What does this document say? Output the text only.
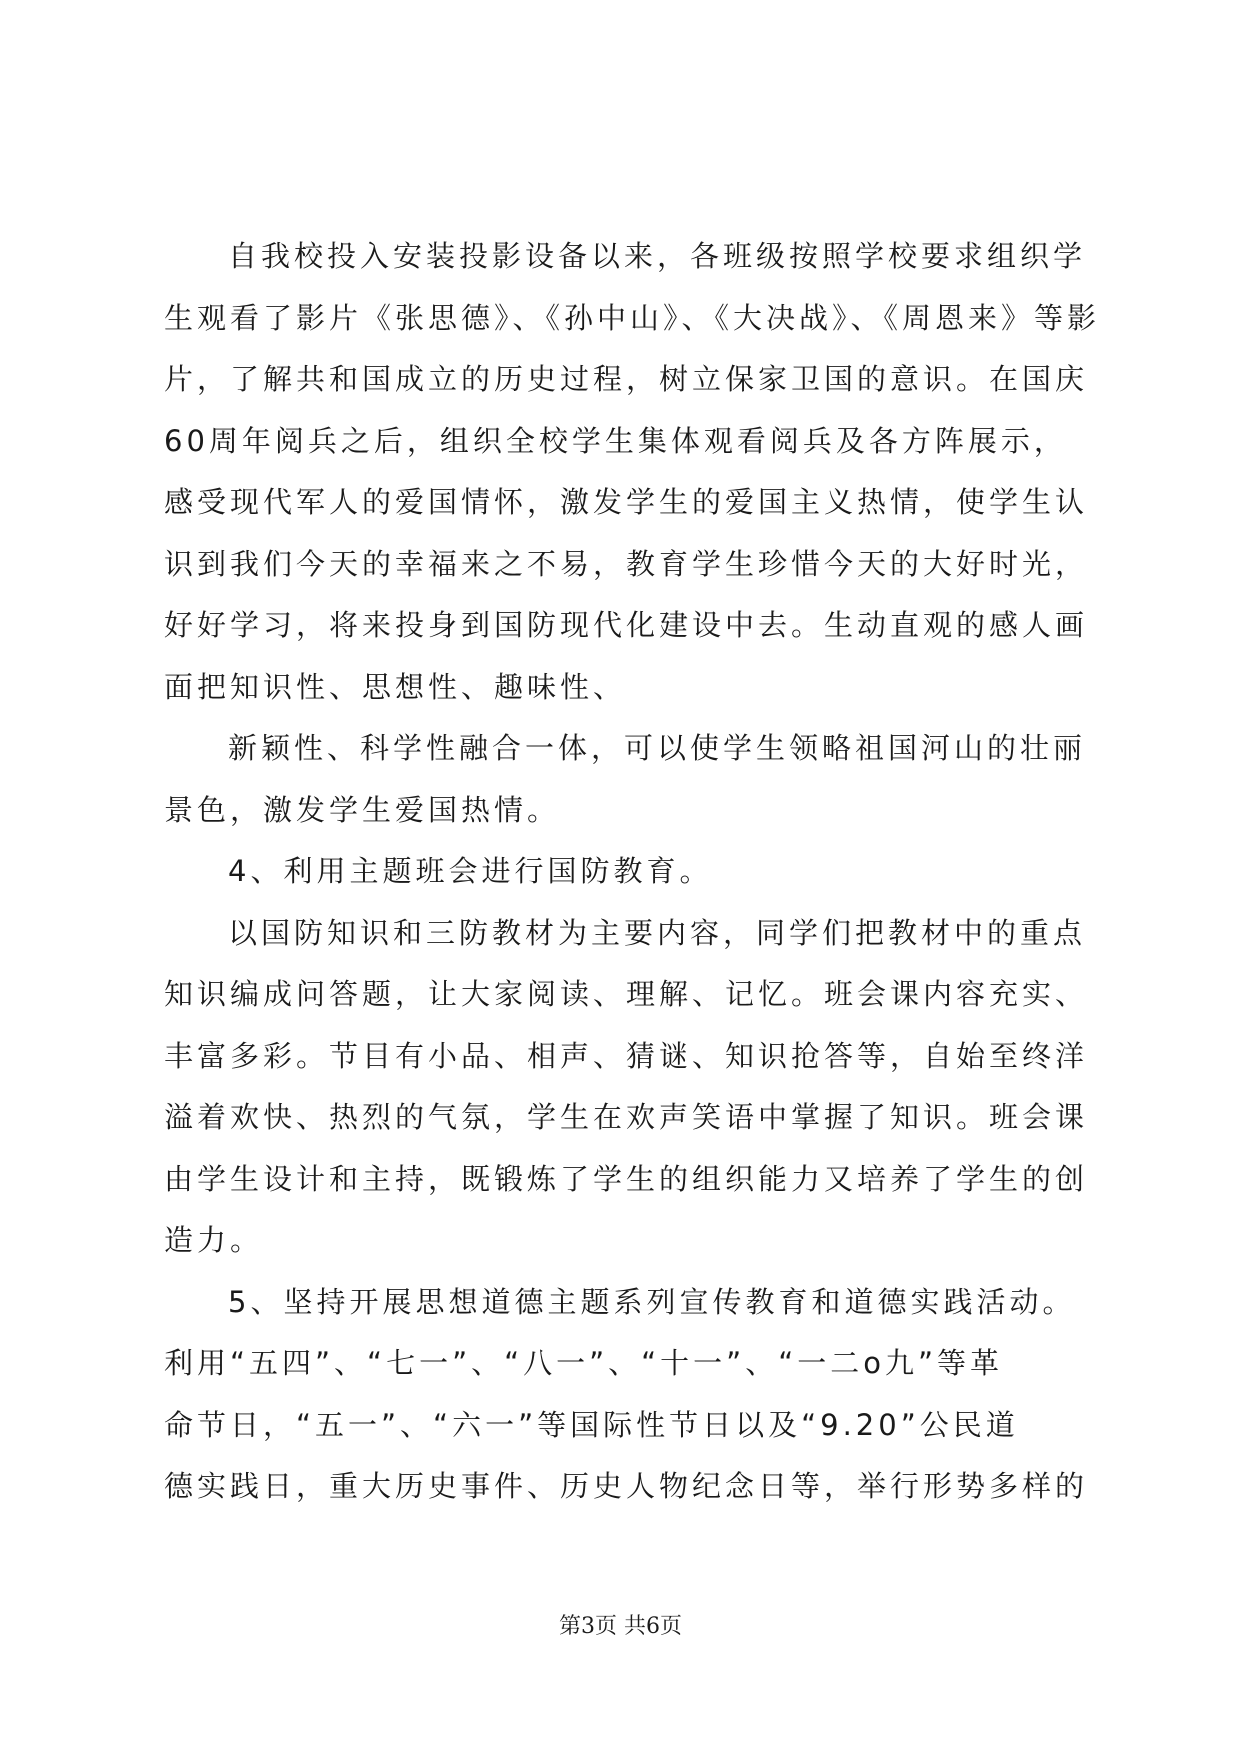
自我校投入安装投影设备以来，各班级按照学校要求组织学
生观看了影片《张思德》、《孙中山》、《大决战》、《周恩来》等影
片，了解共和国成立的历史过程，树立保家卫国的意识。在国庆
60周年阅兵之后，组织全校学生集体观看阅兵及各方阵展示，
感受现代军人的爱国情怀，激发学生的爱国主义热情，使学生认
识到我们今天的幸福来之不易，教育学生珍惜今天的大好时光，
好好学习，将来投身到国防现代化建设中去。生动直观的感人画
面把知识性、思想性、趣味性、
新颖性、科学性融合一体，可以使学生领略祖国河山的壮丽
景色，激发学生爱国热情。
4、利用主题班会进行国防教育。
以国防知识和三防教材为主要内容，同学们把教材中的重点
知识编成问答题，让大家阅读、理解、记忆。班会课内容充实、
丰富多彩。节目有小品、相声、猜谜、知识抢答等，自始至终洋
溢着欢快、热烈的气氛，学生在欢声笑语中掌握了知识。班会课
由学生设计和主持，既锻炼了学生的组织能力又培养了学生的创
造力。
5、坚持开展思想道德主题系列宣传教育和道德实践活动。
利用“五四”、“七一”、“八一”、“十一”、“一二ο九”等革
命节日，“五一”、“六一”等国际性节日以及“9.20”公民道
德实践日，重大历史事件、历史人物纪念日等，举行形势多样的
第3页 共6页
